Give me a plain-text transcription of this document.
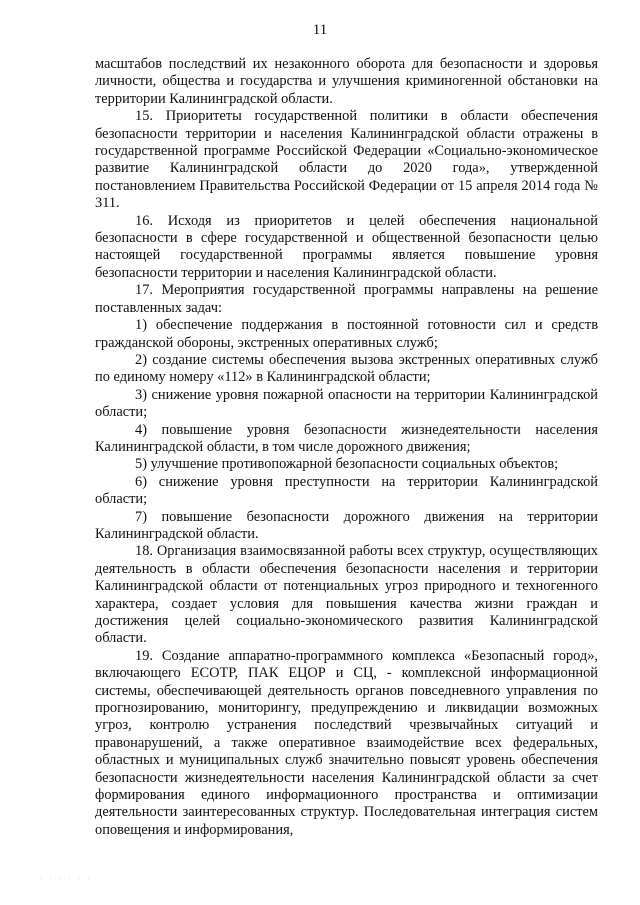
11

масштабов последствий их незаконного оборота для безопасности и здоровья личности, общества и государства и улучшения криминогенной обстановки на территории Калининградской области.

15. Приоритеты государственной политики в области обеспечения безопасности территории и населения Калининградской области отражены в государственной программе Российской Федерации «Социально-экономическое развитие Калининградской области до 2020 года», утвержденной постановлением Правительства Российской Федерации от 15 апреля 2014 года № 311.

16. Исходя из приоритетов и целей обеспечения национальной безопасности в сфере государственной и общественной безопасности целью настоящей государственной программы является повышение уровня безопасности территории и населения Калининградской области.

17. Мероприятия государственной программы направлены на решение поставленных задач:

1) обеспечение поддержания в постоянной готовности сил и средств гражданской обороны, экстренных оперативных служб;

2) создание системы обеспечения вызова экстренных оперативных служб по единому номеру «112» в Калининградской области;

3) снижение уровня пожарной опасности на территории Калининградской области;

4) повышение уровня безопасности жизнедеятельности населения Калининградской области, в том числе дорожного движения;

5) улучшение противопожарной безопасности социальных объектов;

6) снижение уровня преступности на территории Калининградской области;

7) повышение безопасности дорожного движения на территории Калининградской области.

18. Организация взаимосвязанной работы всех структур, осуществляющих деятельность в области обеспечения безопасности населения и территории Калининградской области от потенциальных угроз природного и техногенного характера, создает условия для повышения качества жизни граждан и достижения целей социально-экономического развития Калининградской области.

19. Создание аппаратно-программного комплекса «Безопасный город», включающего ЕСОТР, ПАК ЕЦОР и СЦ, - комплексной информационной системы, обеспечивающей деятельность органов повседневного управления по прогнозированию, мониторингу, предупреждению и ликвидации возможных угроз, контролю устранения последствий чрезвычайных ситуаций и правонарушений, а также оперативное взаимодействие всех федеральных, областных и муниципальных служб значительно повысят уровень обеспечения безопасности жизнедеятельности населения Калининградской области за счет формирования единого информационного пространства и оптимизации деятельности заинтересованных структур. Последовательная интеграция систем оповещения и информирования,

· · · · · ·
